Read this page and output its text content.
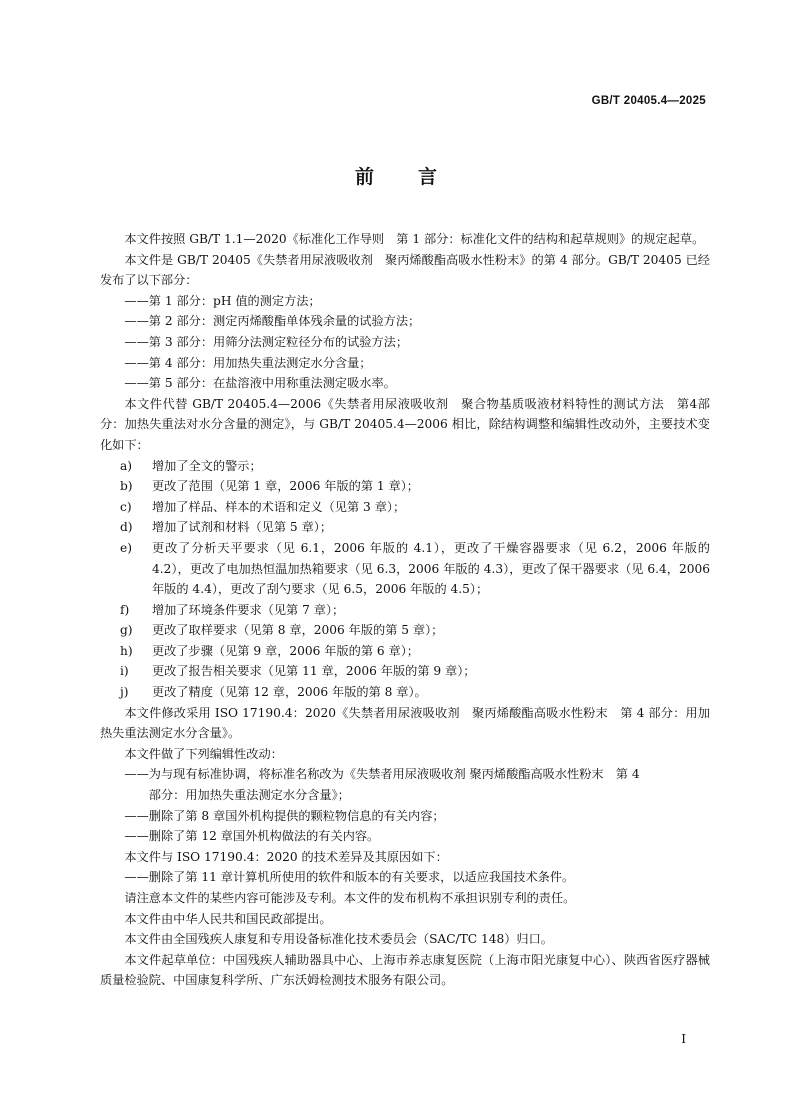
GB/T 20405.4—2025
前 言

本文件按照 GB/T 1.1—2020《标准化工作导则　第 1 部分：标准化文件的结构和起草规则》的规定起草。

本文件是 GB/T 20405《失禁者用尿液吸收剂　聚丙烯酸酯高吸水性粉末》的第 4 部分。GB/T 20405 已经发布了以下部分：

——第 1 部分：pH 值的测定方法；

——第 2 部分：测定丙烯酸酯单体残余量的试验方法；

——第 3 部分：用筛分法测定粒径分布的试验方法；

——第 4 部分：用加热失重法测定水分含量；

——第 5 部分：在盐溶液中用称重法测定吸水率。

本文件代替 GB/T 20405.4—2006《失禁者用尿液吸收剂　聚合物基质吸液材料特性的测试方法　第4部分：加热失重法对水分含量的测定》，与 GB/T 20405.4—2006 相比，除结构调整和编辑性改动外，主要技术变化如下：

a) 增加了全文的警示；

b) 更改了范围（见第 1 章，2006 年版的第 1 章）；

c) 增加了样品、样本的术语和定义（见第 3 章）；

d) 增加了试剂和材料（见第 5 章）；

e) 更改了分析天平要求（见 6.1，2006 年版的 4.1），更改了干燥容器要求（见 6.2，2006 年版的 4.2），更改了电加热恒温加热箱要求（见 6.3，2006 年版的 4.3），更改了保干器要求（见 6.4，2006 年版的 4.4），更改了刮勺要求（见 6.5，2006 年版的 4.5）；

f) 增加了环境条件要求（见第 7 章）；

g) 更改了取样要求（见第 8 章，2006 年版的第 5 章）；

h) 更改了步骤（见第 9 章，2006 年版的第 6 章）；

i) 更改了报告相关要求（见第 11 章，2006 年版的第 9 章）；

j) 更改了精度（见第 12 章，2006 年版的第 8 章）。

本文件修改采用 ISO 17190.4：2020《失禁者用尿液吸收剂　聚丙烯酸酯高吸水性粉末　第 4 部分：用加热失重法测定水分含量》。

本文件做了下列编辑性改动：

——为与现有标准协调，将标准名称改为《失禁者用尿液吸收剂 聚丙烯酸酯高吸水性粉末　第 4
部分：用加热失重法测定水分含量》；

——删除了第 8 章国外机构提供的颗粒物信息的有关内容；

——删除了第 12 章国外机构做法的有关内容。

本文件与 ISO 17190.4：2020 的技术差异及其原因如下：

——删除了第 11 章计算机所使用的软件和版本的有关要求，以适应我国技术条件。

请注意本文件的某些内容可能涉及专利。本文件的发布机构不承担识别专利的责任。

本文件由中华人民共和国民政部提出。

本文件由全国残疾人康复和专用设备标准化技术委员会（SAC/TC 148）归口。

本文件起草单位：中国残疾人辅助器具中心、上海市养志康复医院（上海市阳光康复中心）、陕西省医疗器械质量检验院、中国康复科学所、广东沃姆检测技术服务有限公司。

I
